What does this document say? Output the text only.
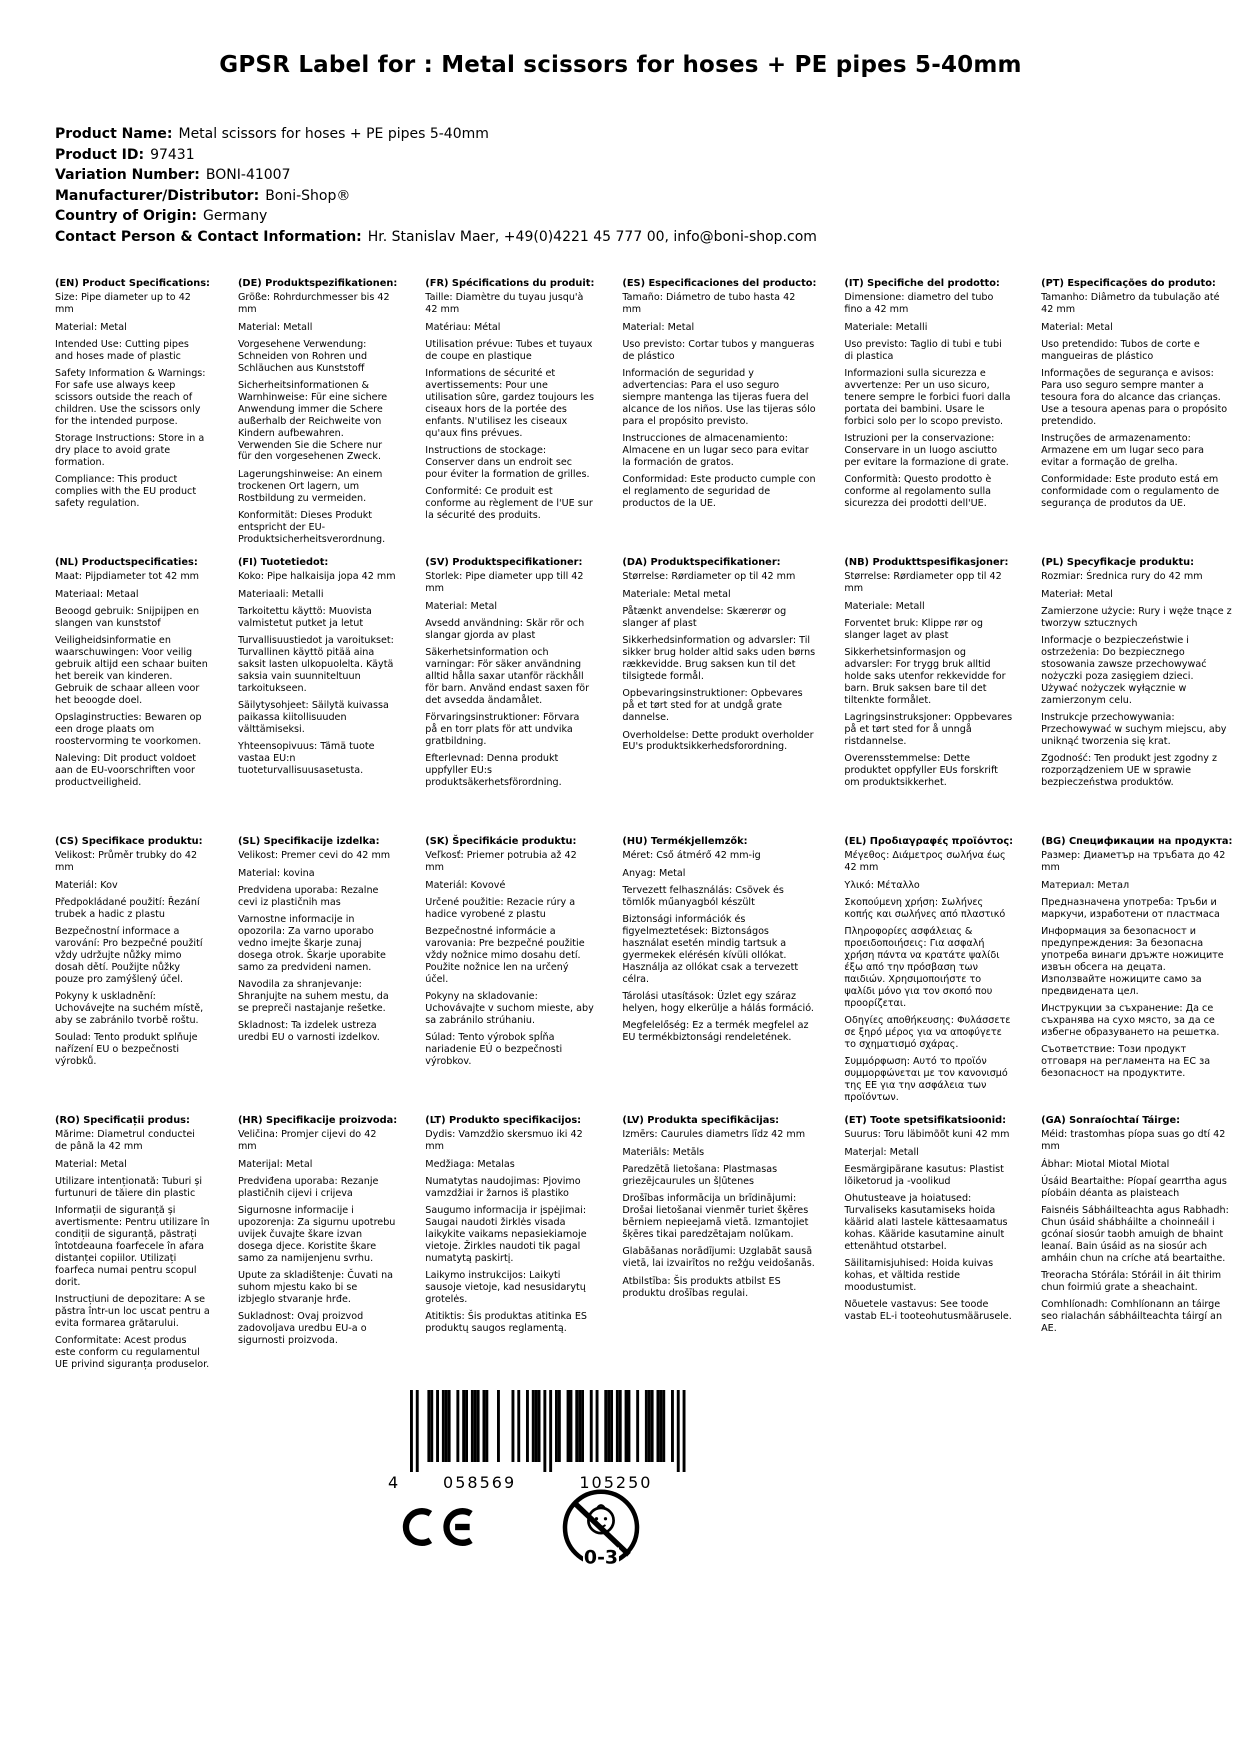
GPSR Label for : Metal scissors for hoses + PE pipes 5-40mm
Product Name: Metal scissors for hoses + PE pipes 5-40mm
Product ID: 97431
Variation Number: BONI-41007
Manufacturer/Distributor: Boni-Shop®
Country of Origin: Germany
Contact Person & Contact Information: Hr. Stanislav Maer, +49(0)4221 45 777 00, info@boni-shop.com
(EN) Product Specifications:

Size: Pipe diameter up to 42 mm

Material: Metal

Intended Use: Cutting pipes and hoses made of plastic

Safety Information & Warnings: For safe use always keep scissors outside the reach of children. Use the scissors only for the intended purpose.

Storage Instructions: Store in a dry place to avoid grate formation.

Compliance: This product complies with the EU product safety regulation.

(DE) Produktspezifikationen:

Größe: Rohrdurchmesser bis 42 mm

Material: Metall

Vorgesehene Verwendung: Schneiden von Rohren und Schläuchen aus Kunststoff

Sicherheitsinformationen & Warnhinweise: Für eine sichere Anwendung immer die Schere außerhalb der Reichweite von Kindern aufbewahren. Verwenden Sie die Schere nur für den vorgesehenen Zweck.

Lagerungshinweise: An einem trockenen Ort lagern, um Rostbildung zu vermeiden.

Konformität: Dieses Produkt entspricht der EU-Produktsicherheitsverordnung.

(FR) Spécifications du produit:

Taille: Diamètre du tuyau jusqu'à 42 mm

Matériau: Métal

Utilisation prévue: Tubes et tuyaux de coupe en plastique

Informations de sécurité et avertissements: Pour une utilisation sûre, gardez toujours les ciseaux hors de la portée des enfants. N'utilisez les ciseaux qu'aux fins prévues.

Instructions de stockage: Conserver dans un endroit sec pour éviter la formation de grilles.

Conformité: Ce produit est conforme au règlement de l'UE sur la sécurité des produits.

(ES) Especificaciones del producto:

Tamaño: Diámetro de tubo hasta 42 mm

Material: Metal

Uso previsto: Cortar tubos y mangueras de plástico

Información de seguridad y advertencias: Para el uso seguro siempre mantenga las tijeras fuera del alcance de los niños. Use las tijeras sólo para el propósito previsto.

Instrucciones de almacenamiento: Almacene en un lugar seco para evitar la formación de gratos.

Conformidad: Este producto cumple con el reglamento de seguridad de productos de la UE.

(IT) Specifiche del prodotto:

Dimensione: diametro del tubo fino a 42 mm

Materiale: Metalli

Uso previsto: Taglio di tubi e tubi di plastica

Informazioni sulla sicurezza e avvertenze: Per un uso sicuro, tenere sempre le forbici fuori dalla portata dei bambini. Usare le forbici solo per lo scopo previsto.

Istruzioni per la conservazione: Conservare in un luogo asciutto per evitare la formazione di grate.

Conformità: Questo prodotto è conforme al regolamento sulla sicurezza dei prodotti dell'UE.

(PT) Especificações do produto:

Tamanho: Diâmetro da tubulação até 42 mm

Material: Metal

Uso pretendido: Tubos de corte e mangueiras de plástico

Informações de segurança e avisos: Para uso seguro sempre manter a tesoura fora do alcance das crianças. Use a tesoura apenas para o propósito pretendido.

Instruções de armazenamento: Armazene em um lugar seco para evitar a formação de grelha.

Conformidade: Este produto está em conformidade com o regulamento de segurança de produtos da UE.

(NL) Productspecificaties:

Maat: Pijpdiameter tot 42 mm

Materiaal: Metaal

Beoogd gebruik: Snijpijpen en slangen van kunststof

Veiligheidsinformatie en waarschuwingen: Voor veilig gebruik altijd een schaar buiten het bereik van kinderen. Gebruik de schaar alleen voor het beoogde doel.

Opslaginstructies: Bewaren op een droge plaats om roostervorming te voorkomen.

Naleving: Dit product voldoet aan de EU-voorschriften voor productveiligheid.

(FI) Tuotetiedot:

Koko: Pipe halkaisija jopa 42 mm

Materiaali: Metalli

Tarkoitettu käyttö: Muovista valmistetut putket ja letut

Turvallisuustiedot ja varoitukset: Turvallinen käyttö pitää aina saksit lasten ulkopuolelta. Käytä saksia vain suunniteltuun tarkoitukseen.

Säilytysohjeet: Säilytä kuivassa paikassa kiitollisuuden välttämiseksi.

Yhteensopivuus: Tämä tuote vastaa EU:n tuoteturvallisuusasetusta.

(SV) Produktspecifikationer:

Storlek: Pipe diameter upp till 42 mm

Material: Metal

Avsedd användning: Skär rör och slangar gjorda av plast

Säkerhetsinformation och varningar: För säker användning alltid hålla saxar utanför räckhåll för barn. Använd endast saxen för det avsedda ändamålet.

Förvaringsinstruktioner: Förvara på en torr plats för att undvika gratbildning.

Efterlevnad: Denna produkt uppfyller EU:s produktsäkerhetsförordning.

(DA) Produktspecifikationer:

Størrelse: Rørdiameter op til 42 mm

Materiale: Metal metal

Påtænkt anvendelse: Skærerør og slanger af plast

Sikkerhedsinformation og advarsler: Til sikker brug holder altid saks uden børns rækkevidde. Brug saksen kun til det tilsigtede formål.

Opbevaringsinstruktioner: Opbevares på et tørt sted for at undgå grate dannelse.

Overholdelse: Dette produkt overholder EU's produktsikkerhedsforordning.

(NB) Produkttspesifikasjoner:

Størrelse: Rørdiameter opp til 42 mm

Materiale: Metall

Forventet bruk: Klippe rør og slanger laget av plast

Sikkerhetsinformasjon og advarsler: For trygg bruk alltid holde saks utenfor rekkevidde for barn. Bruk saksen bare til det tiltenkte formålet.

Lagringsinstruksjoner: Oppbevares på et tørt sted for å unngå ristdannelse.

Overensstemmelse: Dette produktet oppfyller EUs forskrift om produktsikkerhet.

(PL) Specyfikacje produktu:

Rozmiar: Średnica rury do 42 mm

Materiał: Metal

Zamierzone użycie: Rury i węże tnące z tworzyw sztucznych

Informacje o bezpieczeństwie i ostrzeżenia: Do bezpiecznego stosowania zawsze przechowywać nożyczki poza zasięgiem dzieci. Używać nożyczek wyłącznie w zamierzonym celu.

Instrukcje przechowywania: Przechowywać w suchym miejscu, aby uniknąć tworzenia się krat.

Zgodność: Ten produkt jest zgodny z rozporządzeniem UE w sprawie bezpieczeństwa produktów.

(CS) Specifikace produktu:

Velikost: Průměr trubky do 42 mm

Materiál: Kov

Předpokládané použití: Řezání trubek a hadic z plastu

Bezpečnostní informace a varování: Pro bezpečné použití vždy udržujte nůžky mimo dosah dětí. Použijte nůžky pouze pro zamýšlený účel.

Pokyny k uskladnění: Uchovávejte na suchém místě, aby se zabránilo tvorbě roštu.

Soulad: Tento produkt splňuje nařízení EU o bezpečnosti výrobků.

(SL) Specifikacije izdelka:

Velikost: Premer cevi do 42 mm

Material: kovina

Predvidena uporaba: Rezalne cevi iz plastičnih mas

Varnostne informacije in opozorila: Za varno uporabo vedno imejte škarje zunaj dosega otrok. Škarje uporabite samo za predvideni namen.

Navodila za shranjevanje: Shranjujte na suhem mestu, da se prepreči nastajanje rešetke.

Skladnost: Ta izdelek ustreza uredbi EU o varnosti izdelkov.

(SK) Špecifikácie produktu:

Veľkosť: Priemer potrubia až 42 mm

Materiál: Kovové

Určené použitie: Rezacie rúry a hadice vyrobené z plastu

Bezpečnostné informácie a varovania: Pre bezpečné použitie vždy nožnice mimo dosahu detí. Použite nožnice len na určený účel.

Pokyny na skladovanie: Uchovávajte v suchom mieste, aby sa zabránilo strúhaniu.

Súlad: Tento výrobok spĺňa nariadenie EÚ o bezpečnosti výrobkov.

(HU) Termékjellemzők:

Méret: Cső átmérő 42 mm-ig

Anyag: Metal

Tervezett felhasználás: Csövek és tömlők műanyagból készült

Biztonsági információk és figyelmeztetések: Biztonságos használat esetén mindig tartsuk a gyermekek elérésén kívüli ollókat. Használja az ollókat csak a tervezett célra.

Tárolási utasítások: Üzlet egy száraz helyen, hogy elkerülje a hálás formáció.

Megfelelőség: Ez a termék megfelel az EU termékbiztonsági rendeletének.

(EL) Προδιαγραφές προϊόντος:

Μέγεθος: Διάμετρος σωλήνα έως 42 mm

Υλικό: Μέταλλο

Σκοπούμενη χρήση: Σωλήνες κοπής και σωλήνες από πλαστικό

Πληροφορίες ασφάλειας & προειδοποιήσεις: Για ασφαλή χρήση πάντα να κρατάτε ψαλίδι έξω από την πρόσβαση των παιδιών. Χρησιμοποιήστε το ψαλίδι μόνο για τον σκοπό που προορίζεται.

Οδηγίες αποθήκευσης: Φυλάσσετε σε ξηρό μέρος για να αποφύγετε το σχηματισμό σχάρας.

Συμμόρφωση: Αυτό το προϊόν συμμορφώνεται με τον κανονισμό της ΕΕ για την ασφάλεια των προϊόντων.

(BG) Спецификации на продукта:

Размер: Диаметър на тръбата до 42 mm

Материал: Метал

Предназначена употреба: Тръби и маркучи, изработени от пластмаса

Информация за безопасност и предупреждения: За безопасна употреба винаги дръжте ножиците извън обсега на децата. Използвайте ножиците само за предвидената цел.

Инструкции за съхранение: Да се съхранява на сухо място, за да се избегне образуването на решетка.

Съответствие: Този продукт отговаря на регламента на ЕС за безопасност на продуктите.

(RO) Specificații produs:

Mărime: Diametrul conductei de până la 42 mm

Material: Metal

Utilizare intenționată: Tuburi și furtunuri de tăiere din plastic

Informații de siguranță și avertismente: Pentru utilizare în condiții de siguranță, păstrați întotdeauna foarfecele în afara distanței copiilor. Utilizați foarfeca numai pentru scopul dorit.

Instrucțiuni de depozitare: A se păstra într-un loc uscat pentru a evita formarea grătarului.

Conformitate: Acest produs este conform cu regulamentul UE privind siguranța produselor.

(HR) Specifikacije proizvoda:

Veličina: Promjer cijevi do 42 mm

Materijal: Metal

Predviđena uporaba: Rezanje plastičnih cijevi i crijeva

Sigurnosne informacije i upozorenja: Za sigurnu upotrebu uvijek čuvajte škare izvan dosega djece. Koristite škare samo za namijenjenu svrhu.

Upute za skladištenje: Čuvati na suhom mjestu kako bi se izbjeglo stvaranje hrđe.

Sukladnost: Ovaj proizvod zadovoljava uredbu EU-a o sigurnosti proizvoda.

(LT) Produkto specifikacijos:

Dydis: Vamzdžio skersmuo iki 42 mm

Medžiaga: Metalas

Numatytas naudojimas: Pjovimo vamzdžiai ir žarnos iš plastiko

Saugumo informacija ir įspėjimai: Saugai naudoti žirklės visada laikykite vaikams nepasiekiamoje vietoje. Žirkles naudoti tik pagal numatytą paskirtį.

Laikymo instrukcijos: Laikyti sausoje vietoje, kad nesusidarytų grotelės.

Atitiktis: Šis produktas atitinka ES produktų saugos reglamentą.

(LV) Produkta specifikācijas:

Izmērs: Caurules diametrs līdz 42 mm

Materiāls: Metāls

Paredzētā lietošana: Plastmasas griezējcaurules un šļūtenes

Drošības informācija un brīdinājumi: Drošai lietošanai vienmēr turiet šķēres bērniem nepieejamā vietā. Izmantojiet šķēres tikai paredzētajam nolūkam.

Glabāšanas norādījumi: Uzglabāt sausā vietā, lai izvairītos no režģu veidošanās.

Atbilstība: Šis produkts atbilst ES produktu drošības regulai.

(ET) Toote spetsifikatsioonid:

Suurus: Toru läbimõõt kuni 42 mm

Materjal: Metall

Eesmärgipärane kasutus: Plastist lõiketorud ja -voolikud

Ohutusteave ja hoiatused: Turvaliseks kasutamiseks hoida käärid alati lastele kättesaamatus kohas. Kääride kasutamine ainult ettenähtud otstarbel.

Säilitamisjuhised: Hoida kuivas kohas, et vältida restide moodustumist.

Nõuetele vastavus: See toode vastab EL-i tooteohutusmäärusele.

(GA) Sonraíochtaí Táirge:

Méid: trastomhas píopa suas go dtí 42 mm

Ábhar: Miotal Miotal Miotal

Úsáid Beartaithe: Píopaí gearrtha agus píobáin déanta as plaisteach

Faisnéis Sábháilteachta agus Rabhadh: Chun úsáid shábháilte a choinneáil i gcónaí siosúr taobh amuigh de bhaint leanaí. Bain úsáid as na siosúr ach amháin chun na críche atá beartaithe.

Treoracha Stórála: Stóráil in áit thirim chun foirmiú grate a sheachaint.

Comhlíonadh: Comhlíonann an táirge seo rialachán sábháilteachta táirgí an AE.

4	058569	105250
0-3
